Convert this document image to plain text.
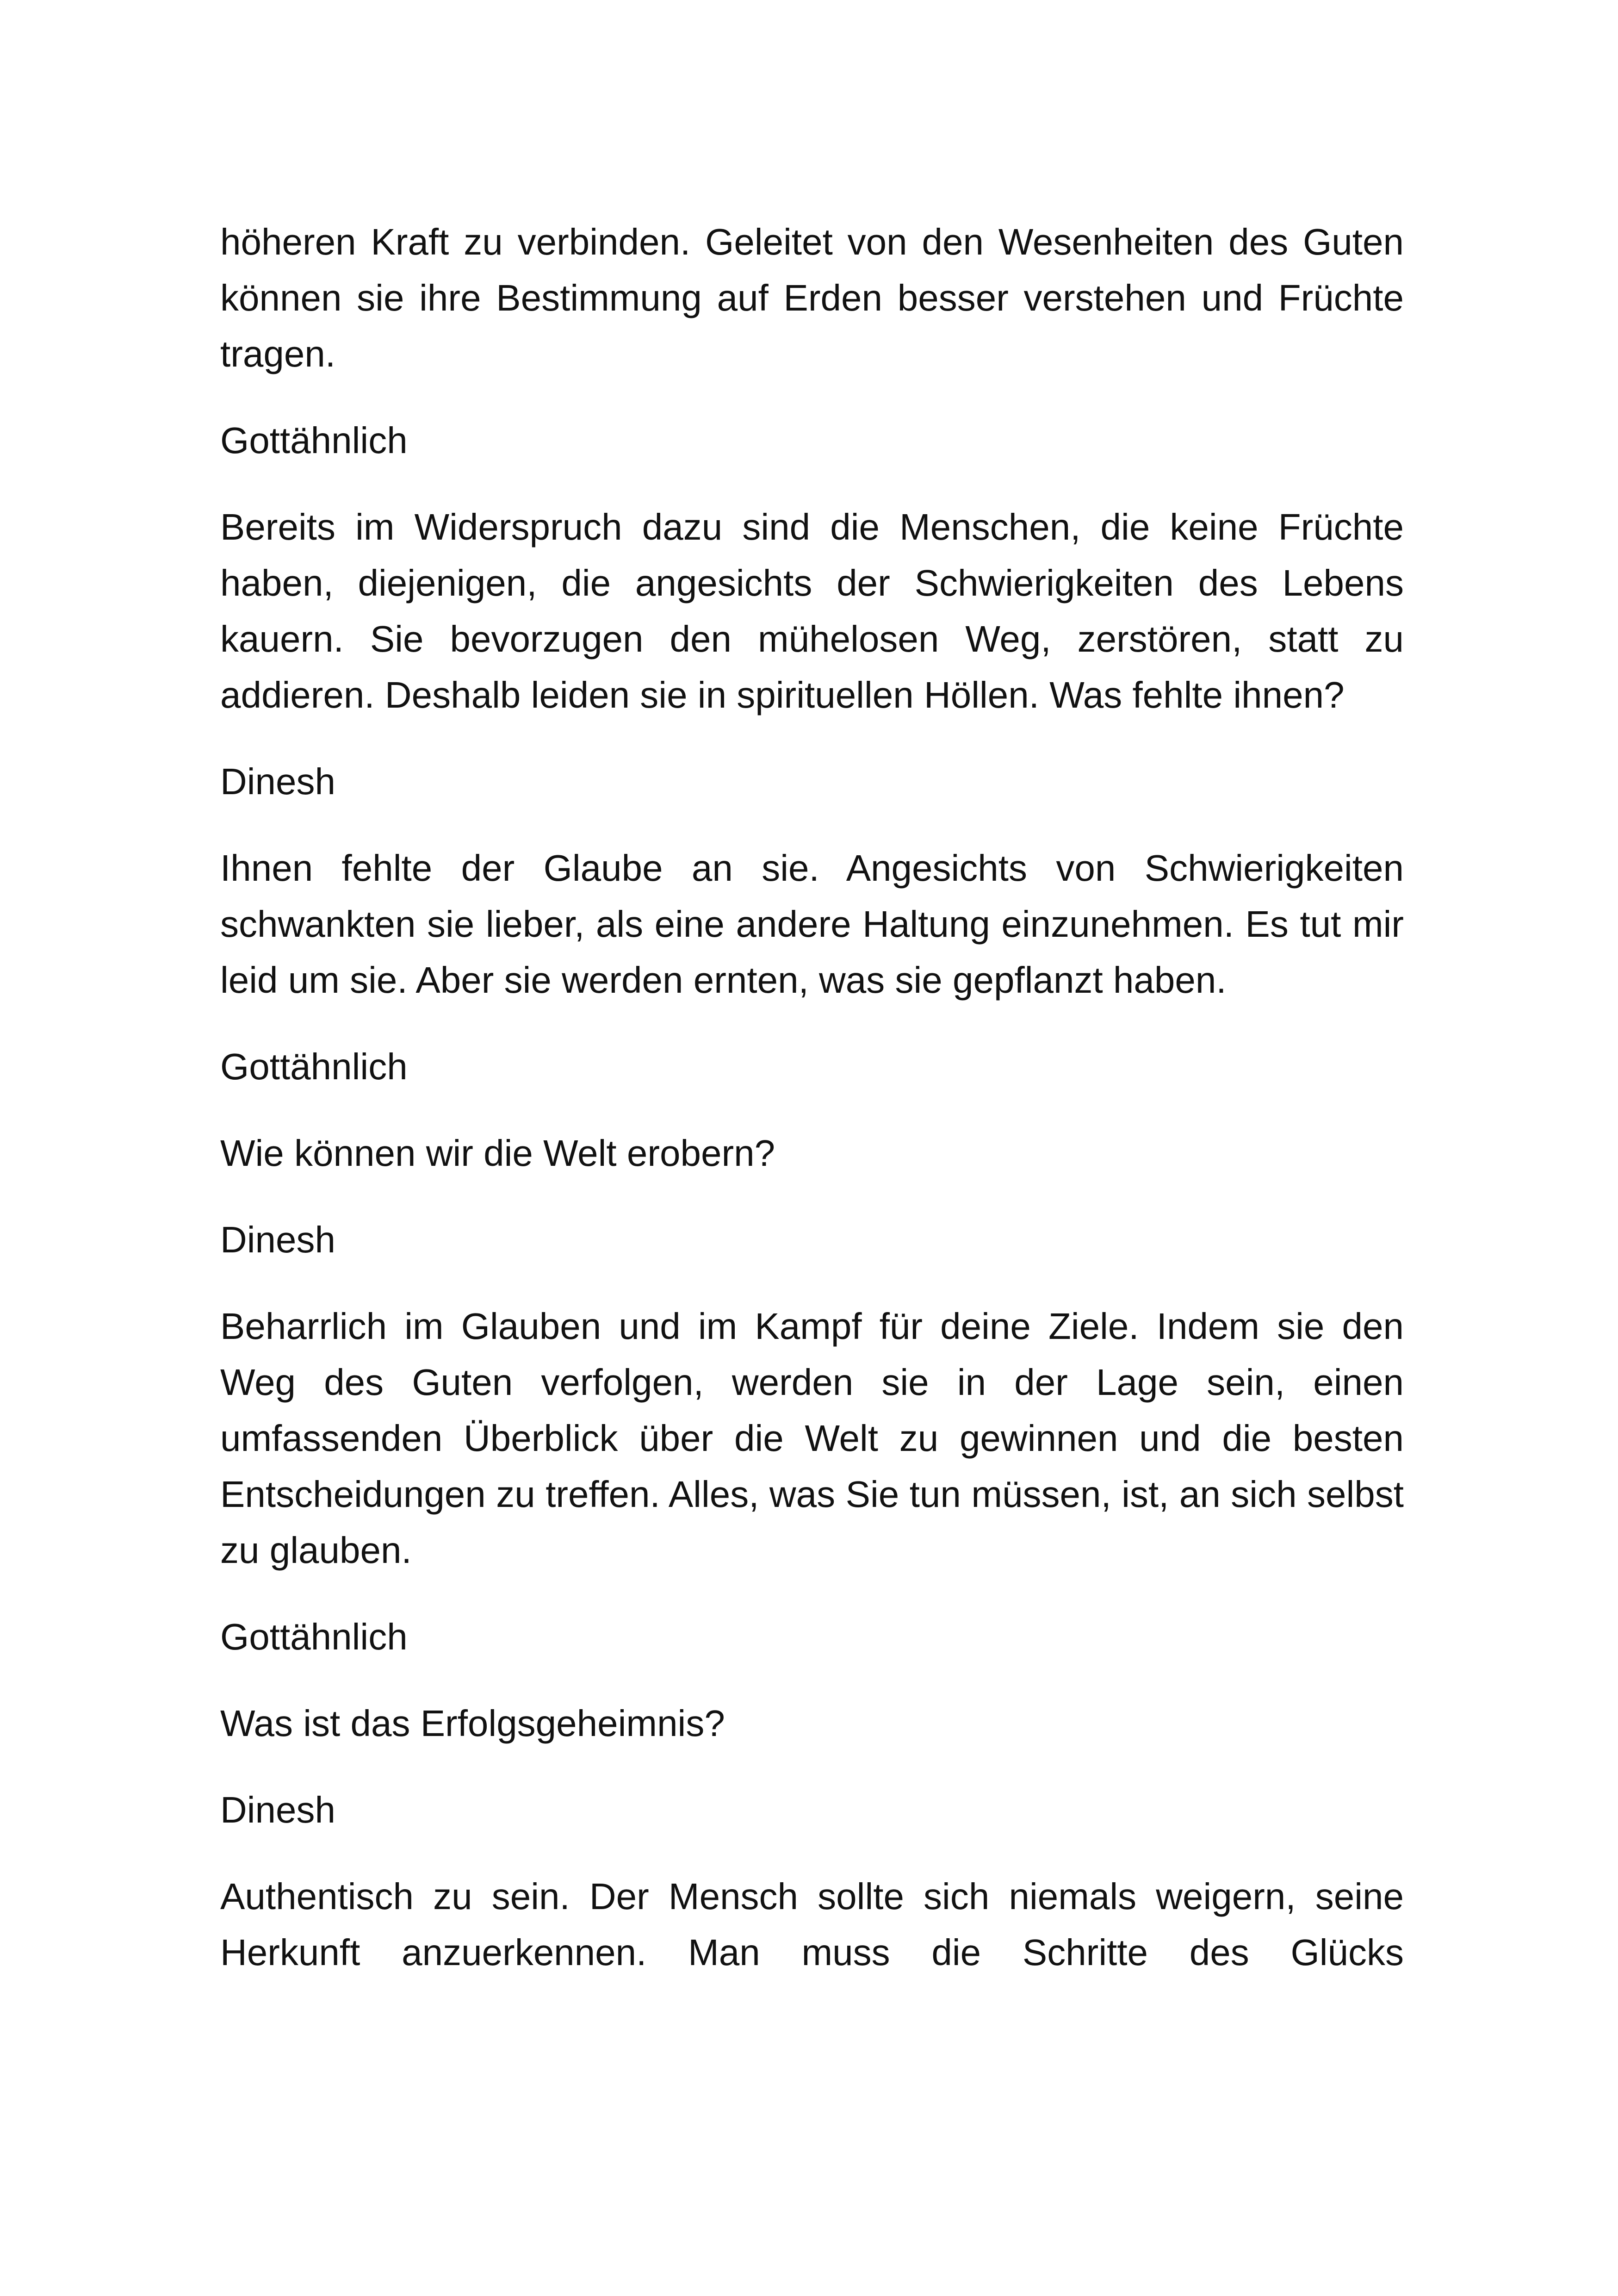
höheren Kraft zu verbinden. Geleitet von den Wesenheiten des Guten können sie ihre Bestimmung auf Erden besser verstehen und Früchte tragen.

Gottähnlich

Bereits im Widerspruch dazu sind die Menschen, die keine Früchte haben, diejenigen, die angesichts der Schwierigkeiten des Lebens kauern. Sie bevorzugen den mühelosen Weg, zerstören, statt zu addieren. Deshalb leiden sie in spirituellen Höllen. Was fehlte ihnen?

Dinesh

Ihnen fehlte der Glaube an sie. Angesichts von Schwierigkeiten schwankten sie lieber, als eine andere Haltung einzunehmen. Es tut mir leid um sie. Aber sie werden ernten, was sie gepflanzt haben.

Gottähnlich

Wie können wir die Welt erobern?

Dinesh

Beharrlich im Glauben und im Kampf für deine Ziele. Indem sie den Weg des Guten verfolgen, werden sie in der Lage sein, einen umfassenden Überblick über die Welt zu gewinnen und die besten Entscheidungen zu treffen. Alles, was Sie tun müssen, ist, an sich selbst zu glauben.

Gottähnlich

Was ist das Erfolgsgeheimnis?

Dinesh

Authentisch zu sein. Der Mensch sollte sich niemals weigern, seine Herkunft anzuerkennen. Man muss die Schritte des Glücks
